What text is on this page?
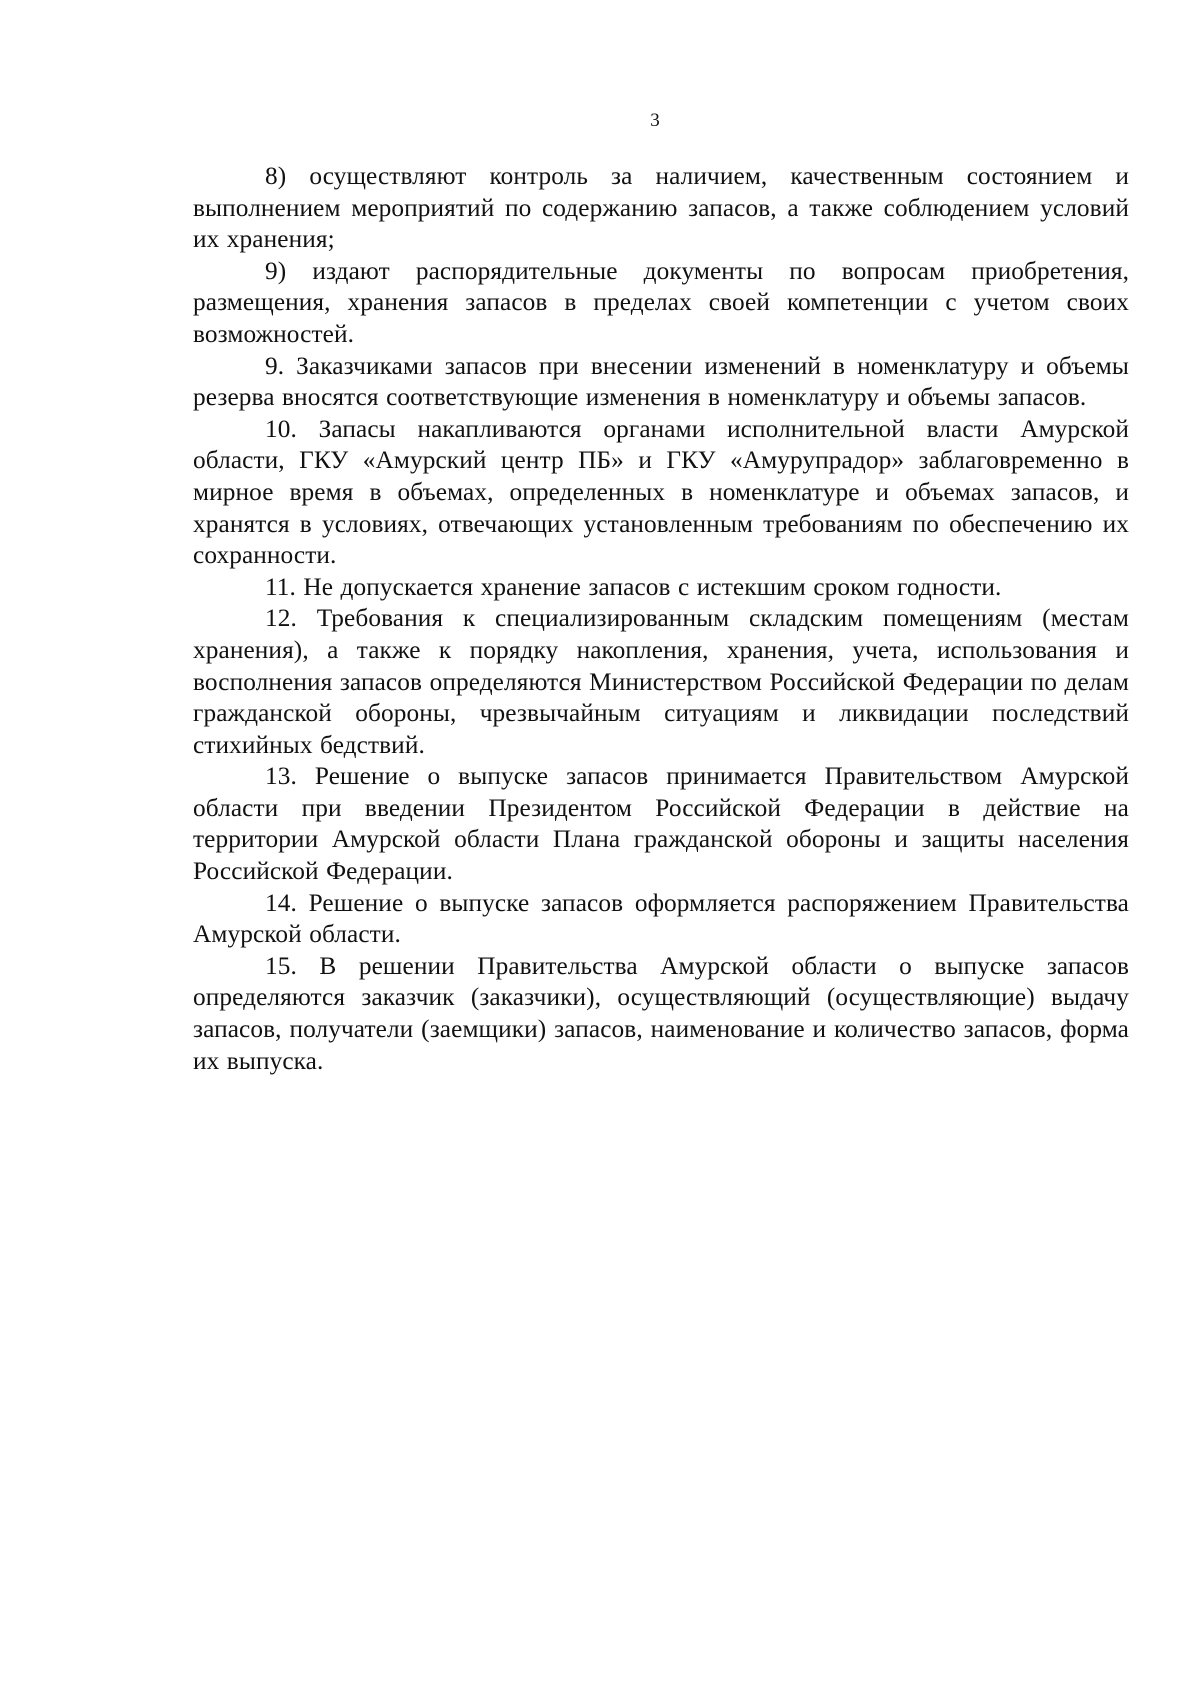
3

8) осуществляют контроль за наличием, качественным состоянием и выполнением мероприятий по содержанию запасов, а также соблюдением условий их хранения;

9) издают распорядительные документы по вопросам приобретения, размещения, хранения запасов в пределах своей компетенции с учетом своих возможностей.

9. Заказчиками запасов при внесении изменений в номенклатуру и объемы резерва вносятся соответствующие изменения в номенклатуру и объемы запасов.

10. Запасы накапливаются органами исполнительной власти Амурской области, ГКУ «Амурский центр ПБ» и ГКУ «Амурупрадор» заблаговременно в мирное время в объемах, определенных в номенклатуре и объемах запасов, и хранятся в условиях, отвечающих установленным требованиям по обеспечению их сохранности.

11. Не допускается хранение запасов с истекшим сроком годности.

12. Требования к специализированным складским помещениям (местам хранения), а также к порядку накопления, хранения, учета, использования и восполнения запасов определяются Министерством Российской Федерации по делам гражданской обороны, чрезвычайным ситуациям и ликвидации последствий стихийных бедствий.

13. Решение о выпуске запасов принимается Правительством Амурской области при введении Президентом Российской Федерации в действие на территории Амурской области Плана гражданской обороны и защиты населения Российской Федерации.

14. Решение о выпуске запасов оформляется распоряжением Правительства Амурской области.

15. В решении Правительства Амурской области о выпуске запасов определяются заказчик (заказчики), осуществляющий (осуществляющие) выдачу запасов, получатели (заемщики) запасов, наименование и количество запасов, форма их выпуска.
